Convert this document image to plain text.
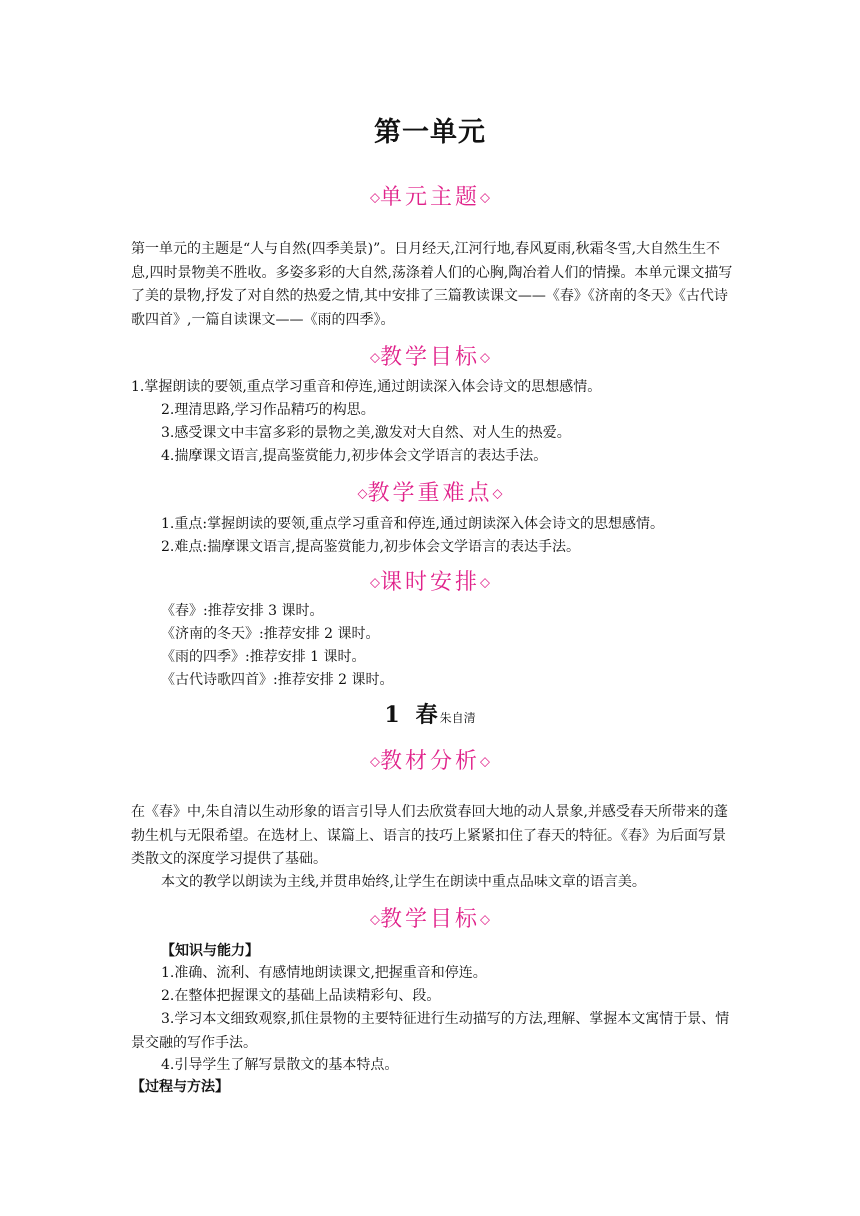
第一单元
◇单元主题◇
第一单元的主题是“人与自然(四季美景)”。日月经天,江河行地,春风夏雨,秋霜冬雪,大自然生生不息,四时景物美不胜收。多姿多彩的大自然,荡涤着人们的心胸,陶冶着人们的情操。本单元课文描写了美的景物,抒发了对自然的热爱之情,其中安排了三篇教读课文——《春》《济南的冬天》《古代诗歌四首》,一篇自读课文——《雨的四季》。
◇教学目标◇
1.掌握朗读的要领,重点学习重音和停连,通过朗读深入体会诗文的思想感情。
2.理清思路,学习作品精巧的构思。
3.感受课文中丰富多彩的景物之美,激发对大自然、对人生的热爱。
4.揣摩课文语言,提高鉴赏能力,初步体会文学语言的表达手法。
◇教学重难点◇
1.重点:掌握朗读的要领,重点学习重音和停连,通过朗读深入体会诗文的思想感情。
2.难点:揣摩课文语言,提高鉴赏能力,初步体会文学语言的表达手法。
◇课时安排◇
《春》:推荐安排 3 课时。
《济南的冬天》:推荐安排 2 课时。
《雨的四季》:推荐安排 1 课时。
《古代诗歌四首》:推荐安排 2 课时。
1 春 朱自清
◇教材分析◇
在《春》中,朱自清以生动形象的语言引导人们去欣赏春回大地的动人景象,并感受春天所带来的蓬勃生机与无限希望。在选材上、谋篇上、语言的技巧上紧紧扣住了春天的特征。《春》为后面写景类散文的深度学习提供了基础。
本文的教学以朗读为主线,并贯串始终,让学生在朗读中重点品味文章的语言美。
◇教学目标◇
【知识与能力】
1.准确、流利、有感情地朗读课文,把握重音和停连。
2.在整体把握课文的基础上品读精彩句、段。
3.学习本文细致观察,抓住景物的主要特征进行生动描写的方法,理解、掌握本文寓情于景、情景交融的写作手法。
4.引导学生了解写景散文的基本特点。
【过程与方法】
